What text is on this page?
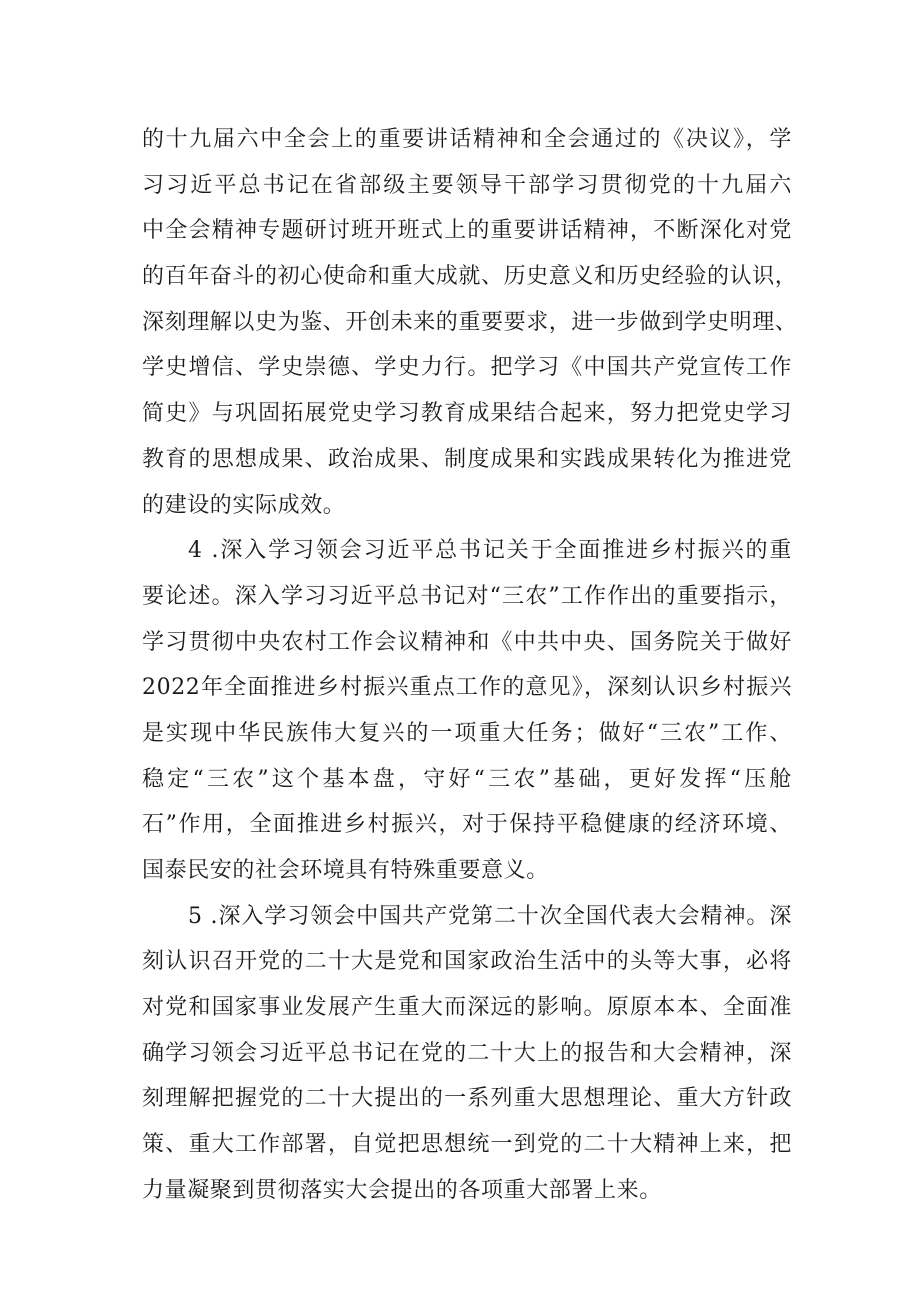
的十九届六中全会上的重要讲话精神和全会通过的《决议》，学
习习近平总书记在省部级主要领导干部学习贯彻党的十九届六
中全会精神专题研讨班开班式上的重要讲话精神，不断深化对党
的百年奋斗的初心使命和重大成就、历史意义和历史经验的认识，
深刻理解以史为鉴、开创未来的重要要求，进一步做到学史明理、
学史增信、学史崇德、学史力行。把学习《中国共产党宣传工作
简史》与巩固拓展党史学习教育成果结合起来，努力把党史学习
教育的思想成果、政治成果、制度成果和实践成果转化为推进党
的建设的实际成效。
4 .深入学习领会习近平总书记关于全面推进乡村振兴的重
要论述。深入学习习近平总书记对“三农”工作作出的重要指示，
学习贯彻中央农村工作会议精神和《中共中央、国务院关于做好
2022年全面推进乡村振兴重点工作的意见》，深刻认识乡村振兴
是实现中华民族伟大复兴的一项重大任务；做好“三农”工作、
稳定“三农”这个基本盘，守好“三农”基础，更好发挥“压舱
石”作用，全面推进乡村振兴，对于保持平稳健康的经济环境、
国泰民安的社会环境具有特殊重要意义。
5 .深入学习领会中国共产党第二十次全国代表大会精神。深
刻认识召开党的二十大是党和国家政治生活中的头等大事，必将
对党和国家事业发展产生重大而深远的影响。原原本本、全面准
确学习领会习近平总书记在党的二十大上的报告和大会精神，深
刻理解把握党的二十大提出的一系列重大思想理论、重大方针政
策、重大工作部署，自觉把思想统一到党的二十大精神上来，把
力量凝聚到贯彻落实大会提出的各项重大部署上来。
